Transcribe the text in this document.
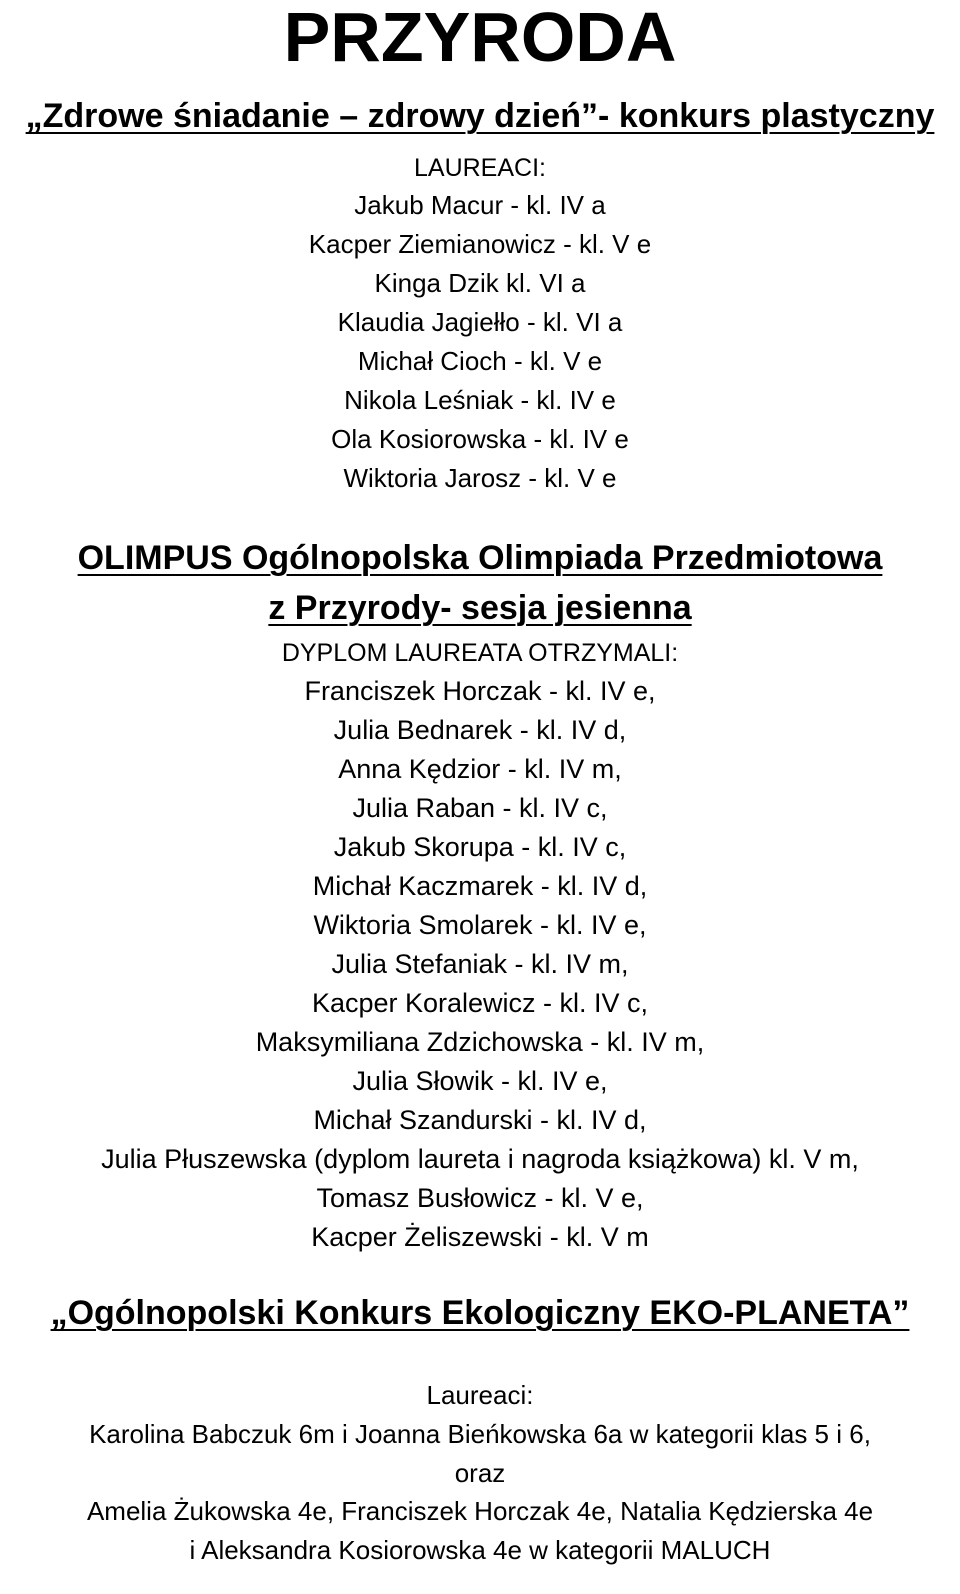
PRZYRODA
„Zdrowe śniadanie – zdrowy dzień”- konkurs plastyczny

LAUREACI:

Jakub Macur - kl. IV a
Kacper Ziemianowicz - kl. V e
Kinga Dzik kl. VI a
Klaudia Jagiełło - kl. VI a
Michał Cioch - kl. V e
Nikola Leśniak - kl. IV e
Ola Kosiorowska - kl. IV e
Wiktoria Jarosz - kl. V e
OLIMPUS Ogólnopolska Olimpiada Przedmiotowa
z Przyrody- sesja jesienna

DYPLOM LAUREATA OTRZYMALI:

Franciszek Horczak - kl. IV e,
Julia Bednarek - kl. IV d,
Anna Kędzior - kl. IV m,
Julia Raban - kl. IV c,
Jakub Skorupa - kl. IV c,
Michał Kaczmarek - kl. IV d,
Wiktoria Smolarek - kl. IV e,
Julia Stefaniak - kl. IV m,
Kacper Koralewicz - kl. IV c,
Maksymiliana Zdzichowska - kl. IV m,
Julia Słowik - kl. IV e,
Michał Szandurski - kl. IV d,
Julia Płuszewska (dyplom laureta i nagroda książkowa) kl. V m,
Tomasz Busłowicz - kl. V e,
Kacper Żeliszewski - kl. V m
„Ogólnopolski Konkurs Ekologiczny EKO-PLANETA”

Laureaci:

Karolina Babczuk 6m i Joanna Bieńkowska 6a w kategorii klas 5 i 6,
oraz
Amelia Żukowska 4e, Franciszek Horczak 4e, Natalia Kędzierska 4e
i Aleksandra Kosiorowska 4e w kategorii MALUCH
